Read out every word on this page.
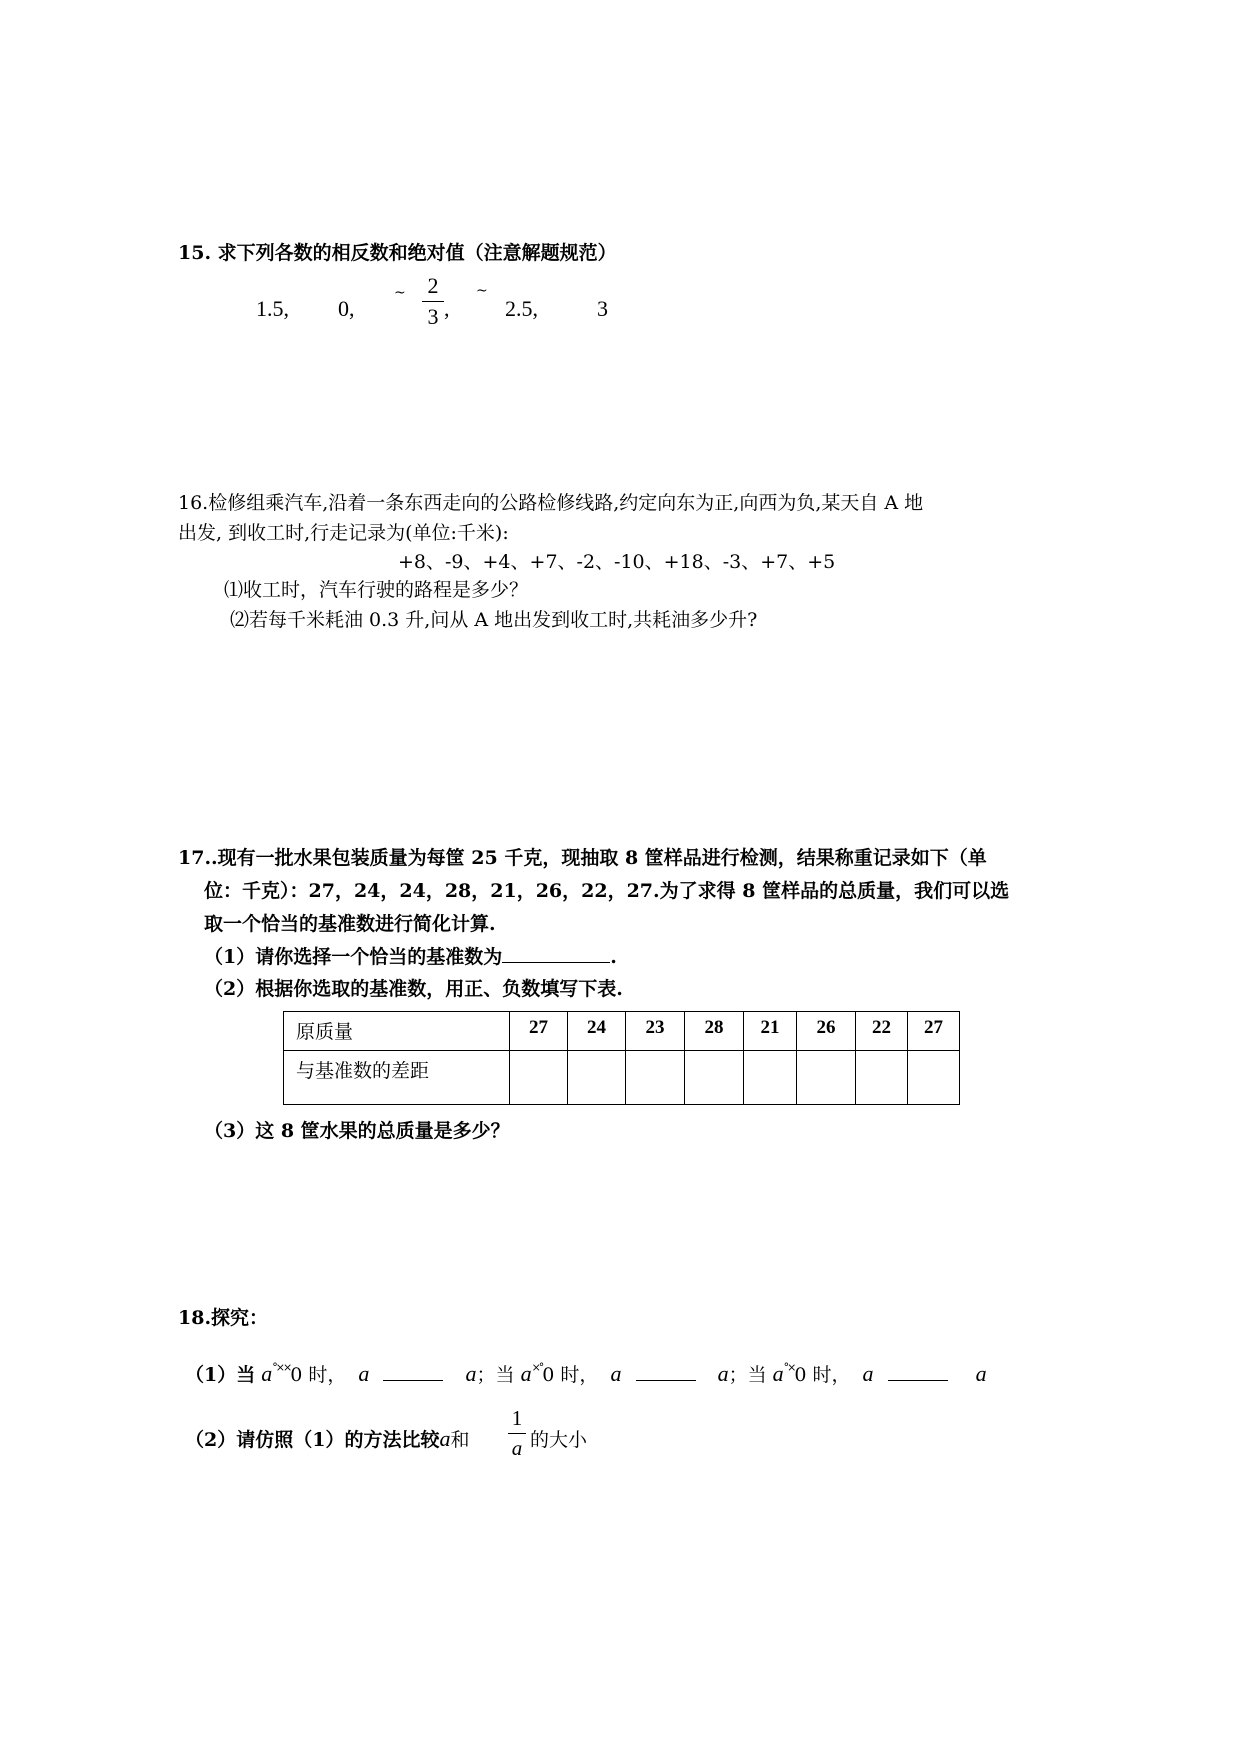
15. 求下列各数的相反数和绝对值（注意解题规范）
1.5, 0,
~ 2
3 ,
~
2.5,	3
16.检修组乘汽车,沿着一条东西走向的公路检修线路,约定向东为正,向西为负,某天自 A 地
出发, 到收工时,行走记录为(单位:千米):
+8、-9、+4、+7、-2、-10、+18、-3、+7、+5
⑴收工时，汽车行驶的路程是多少？
⑵若每千米耗油 0.3 升,问从 A 地出发到收工时,共耗油多少升?
17..现有一批水果包装质量为每筐 25 千克，现抽取 8 筐样品进行检测，结果称重记录如下（单
位：千克）：27，24，24，28，21，26，22，27.为了求得 8 筐样品的总质量，我们可以选
取一个恰当的基准数进行简化计算.
（1）请你选择一个恰当的基准数为	.
（2）根据你选取的基准数，用正、负数填写下表.
原质量	27	24	23	28	21	26	22	27
与基准数的差距								
（3）这 8 筐水果的总质量是多少？
18.探究：
（1）当 a°××0 时， a	a；当 a×°0 时， a	a；当 a°×0 时， a	a
（2）请仿照（1）的方法比较a和
1
a 的大小
